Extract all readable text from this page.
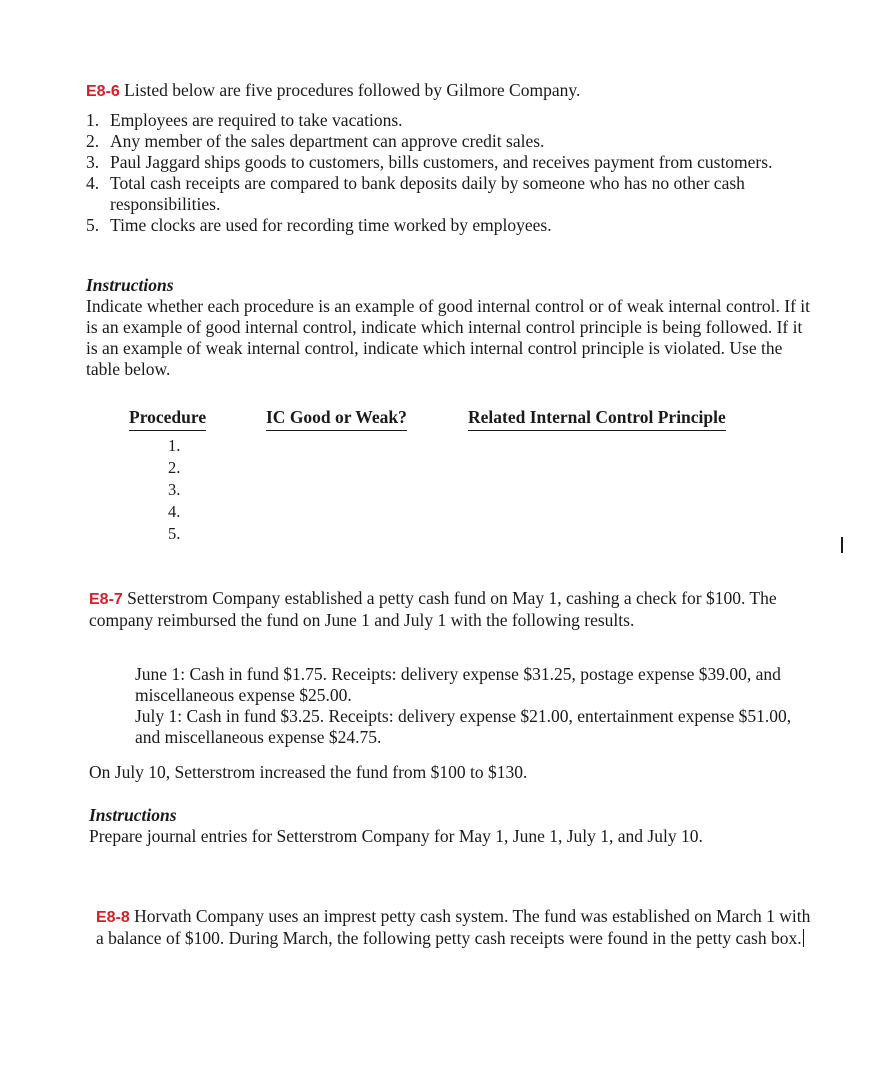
E8-6 Listed below are five procedures followed by Gilmore Company.
1. Employees are required to take vacations.
2. Any member of the sales department can approve credit sales.
3. Paul Jaggard ships goods to customers, bills customers, and receives payment from customers.
4. Total cash receipts are compared to bank deposits daily by someone who has no other cash responsibilities.
5. Time clocks are used for recording time worked by employees.
Instructions
Indicate whether each procedure is an example of good internal control or of weak internal control. If it is an example of good internal control, indicate which internal control principle is being followed. If it is an example of weak internal control, indicate which internal control principle is violated. Use the table below.
Procedure	IC Good or Weak?	Related Internal Control Principle
1.
2.
3.
4.
5.
E8-7 Setterstrom Company established a petty cash fund on May 1, cashing a check for $100. The company reimbursed the fund on June 1 and July 1 with the following results.
June 1: Cash in fund $1.75. Receipts: delivery expense $31.25, postage expense $39.00, and miscellaneous expense $25.00.
July 1: Cash in fund $3.25. Receipts: delivery expense $21.00, entertainment expense $51.00, and miscellaneous expense $24.75.
On July 10, Setterstrom increased the fund from $100 to $130.
Instructions
Prepare journal entries for Setterstrom Company for May 1, June 1, July 1, and July 10.
E8-8 Horvath Company uses an imprest petty cash system. The fund was established on March 1 with a balance of $100. During March, the following petty cash receipts were found in the petty cash box.
